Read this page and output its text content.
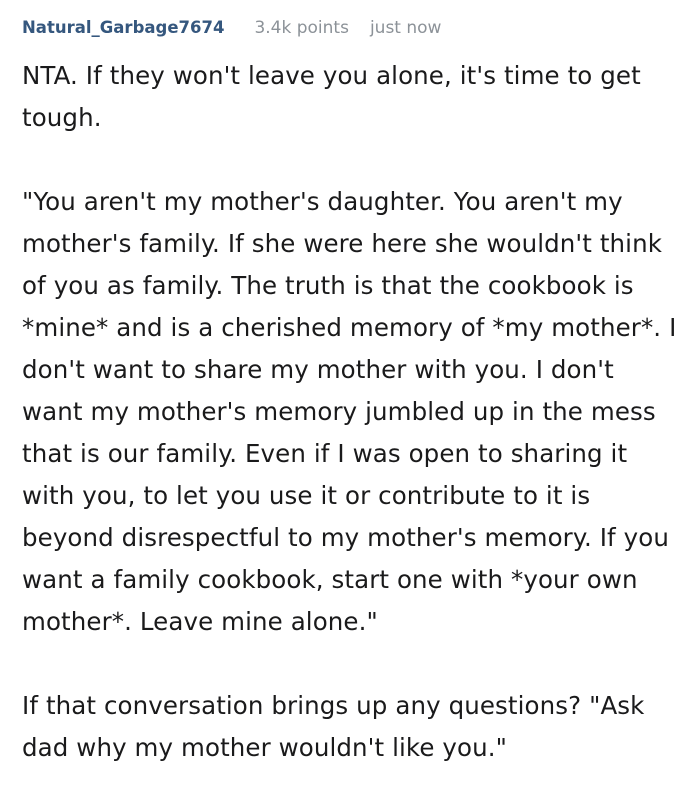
Natural_Garbage7674 3.4k points just now

NTA. If they won't leave you alone, it's time to get tough.

"You aren't my mother's daughter. You aren't my mother's family. If she were here she wouldn't think of you as family. The truth is that the cookbook is *mine* and is a cherished memory of *my mother*. I don't want to share my mother with you. I don't want my mother's memory jumbled up in the mess that is our family. Even if I was open to sharing it with you, to let you use it or contribute to it is beyond disrespectful to my mother's memory. If you want a family cookbook, start one with *your own mother*. Leave mine alone."

If that conversation brings up any questions? "Ask dad why my mother wouldn't like you."
